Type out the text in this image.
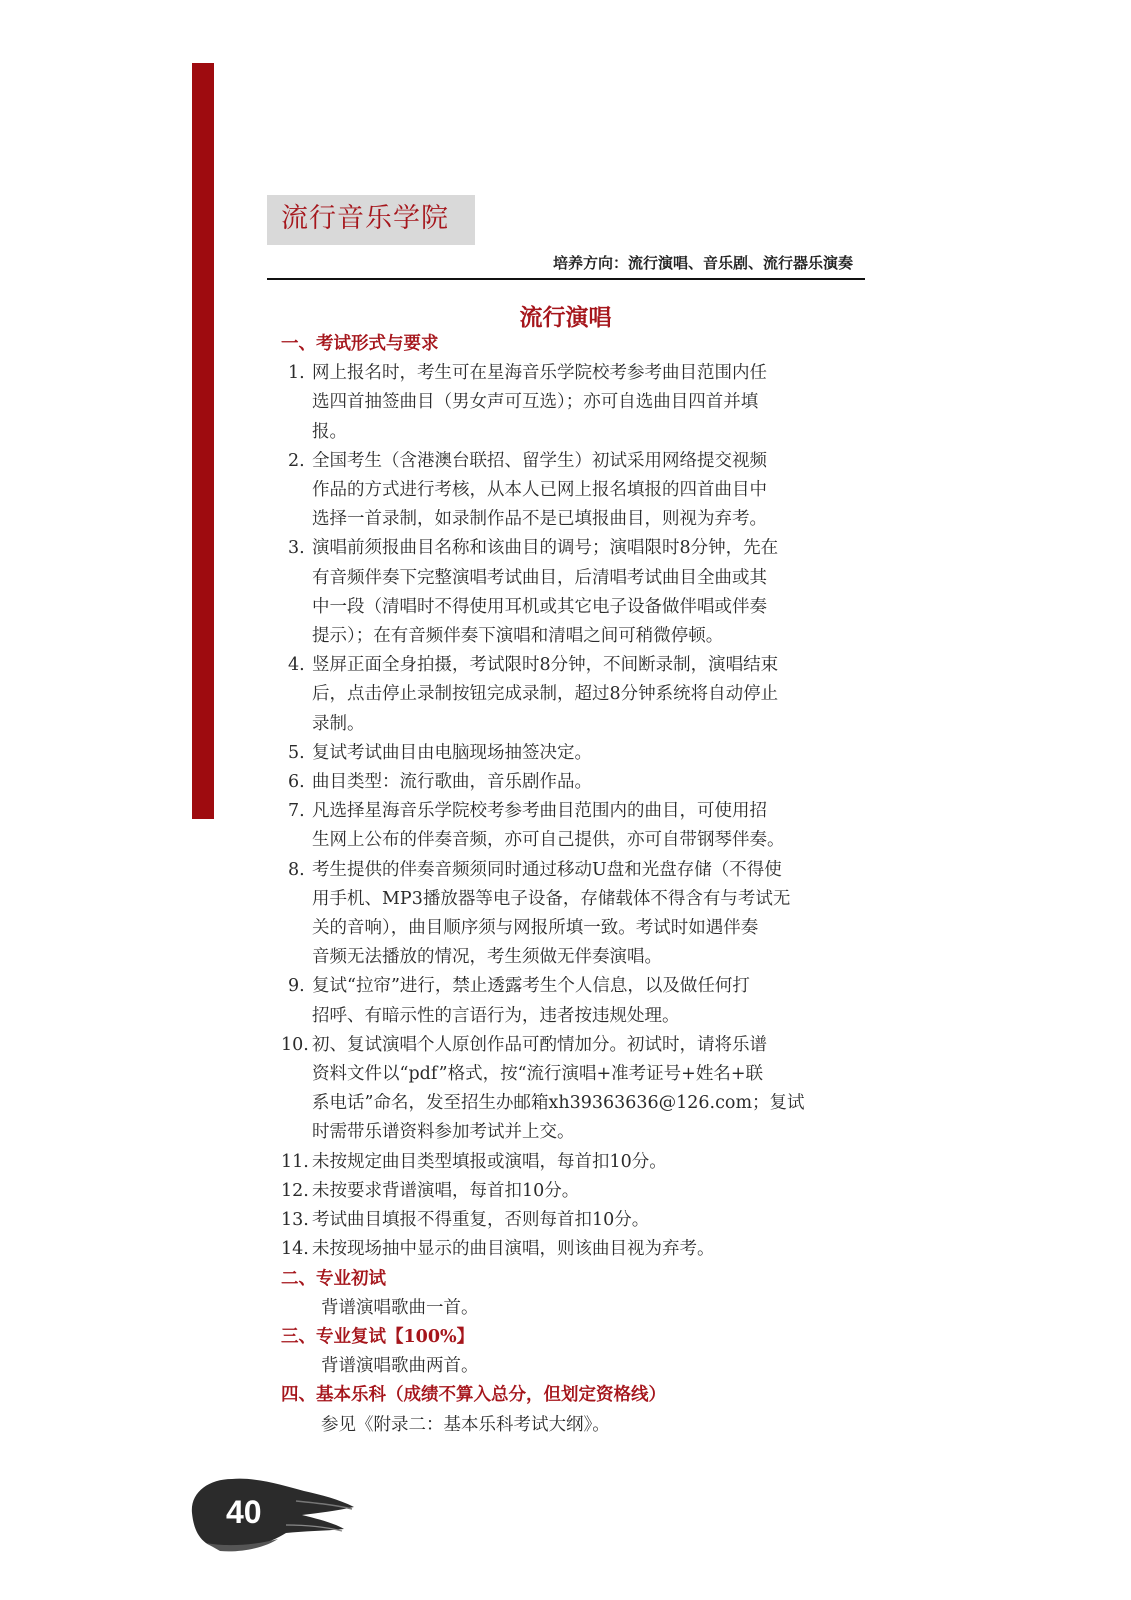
流行音乐学院
培养方向：流行演唱、音乐剧、流行器乐演奏
流行演唱
一、考试形式与要求
1. 网上报名时，考生可在星海音乐学院校考参考曲目范围内任
选四首抽签曲目（男女声可互选）；亦可自选曲目四首并填
报。
2. 全国考生（含港澳台联招、留学生）初试采用网络提交视频
作品的方式进行考核，从本人已网上报名填报的四首曲目中
选择一首录制，如录制作品不是已填报曲目，则视为弃考。
3. 演唱前须报曲目名称和该曲目的调号；演唱限时8分钟，先在
有音频伴奏下完整演唱考试曲目，后清唱考试曲目全曲或其
中一段（清唱时不得使用耳机或其它电子设备做伴唱或伴奏
提示）；在有音频伴奏下演唱和清唱之间可稍微停顿。
4. 竖屏正面全身拍摄，考试限时8分钟，不间断录制，演唱结束
后，点击停止录制按钮完成录制，超过8分钟系统将自动停止
录制。
5. 复试考试曲目由电脑现场抽签决定。
6. 曲目类型：流行歌曲，音乐剧作品。
7. 凡选择星海音乐学院校考参考曲目范围内的曲目，可使用招
生网上公布的伴奏音频，亦可自己提供，亦可自带钢琴伴奏。
8. 考生提供的伴奏音频须同时通过移动U盘和光盘存储（不得使
用手机、MP3播放器等电子设备，存储载体不得含有与考试无
关的音响），曲目顺序须与网报所填一致。考试时如遇伴奏
音频无法播放的情况，考生须做无伴奏演唱。
9. 复试“拉帘”进行，禁止透露考生个人信息，以及做任何打
招呼、有暗示性的言语行为，违者按违规处理。
10. 初、复试演唱个人原创作品可酌情加分。初试时，请将乐谱
资料文件以“pdf”格式，按“流行演唱+准考证号+姓名+联
系电话”命名，发至招生办邮箱xh39363636@126.com；复试
时需带乐谱资料参加考试并上交。
11. 未按规定曲目类型填报或演唱，每首扣10分。
12. 未按要求背谱演唱，每首扣10分。
13. 考试曲目填报不得重复，否则每首扣10分。
14. 未按现场抽中显示的曲目演唱，则该曲目视为弃考。
二、专业初试
背谱演唱歌曲一首。
三、专业复试【100%】
背谱演唱歌曲两首。
四、基本乐科（成绩不算入总分，但划定资格线）
参见《附录二：基本乐科考试大纲》。
40
